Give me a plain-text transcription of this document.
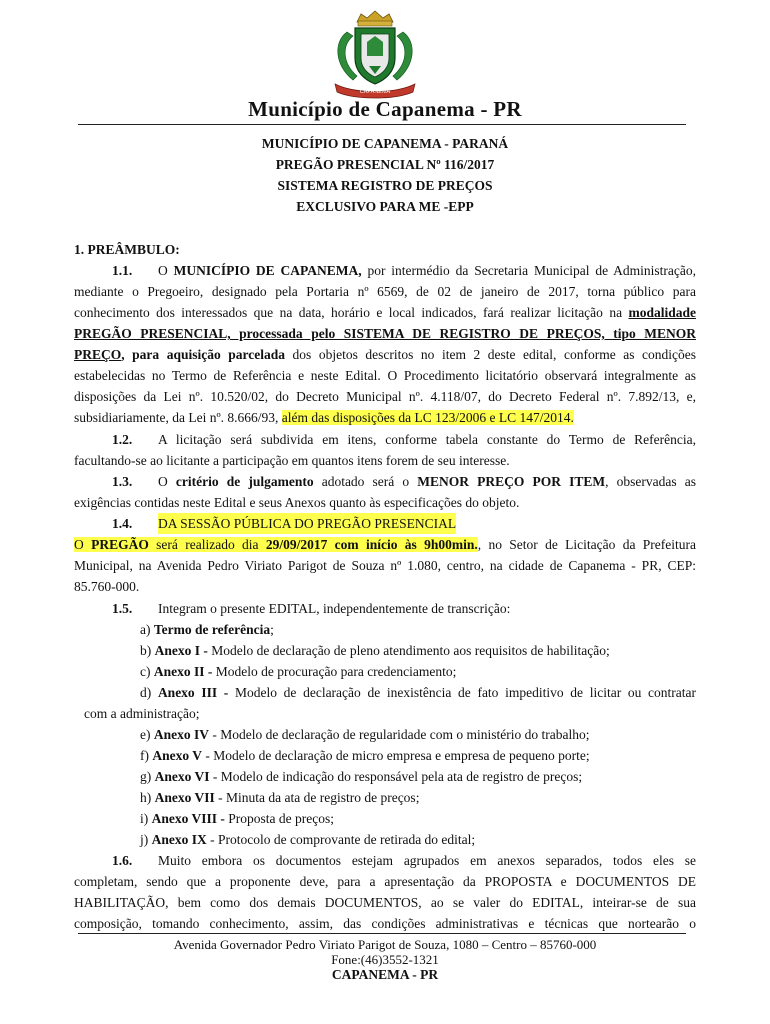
CAPANEMA
Município de Capanema - PR
MUNICÍPIO DE CAPANEMA - PARANÁ
PREGÃO PRESENCIAL Nº 116/2017
SISTEMA REGISTRO DE PREÇOS
EXCLUSIVO PARA ME -EPP
1. PREÂMBULO:
1.1. O MUNICÍPIO DE CAPANEMA, por intermédio da Secretaria Municipal de Administração,
mediante o Pregoeiro, designado pela Portaria nº 6569, de 02 de janeiro de 2017, torna público para
conhecimento dos interessados que na data, horário e local indicados, fará realizar licitação na modalidade
PREGÃO PRESENCIAL, processada pelo SISTEMA DE REGISTRO DE PREÇOS, tipo MENOR
PREÇO, para aquisição parcelada dos objetos descritos no item 2 deste edital, conforme as condições
estabelecidas no Termo de Referência e neste Edital. O Procedimento licitatório observará integralmente as
disposições da Lei nº. 10.520/02, do Decreto Municipal nº. 4.118/07, do Decreto Federal nº. 7.892/13, e,
subsidiariamente, da Lei nº. 8.666/93, além das disposições da LC 123/2006 e LC 147/2014.
1.2. A licitação será subdivida em itens, conforme tabela constante do Termo de Referência,
facultando-se ao licitante a participação em quantos itens forem de seu interesse.
1.3. O critério de julgamento adotado será o MENOR PREÇO POR ITEM, observadas as
exigências contidas neste Edital e seus Anexos quanto às especificações do objeto.
1.4. DA SESSÃO PÚBLICA DO PREGÃO PRESENCIAL
O PREGÃO será realizado dia 29/09/2017 com início às 9h00min., no Setor de Licitação da Prefeitura
Municipal, na Avenida Pedro Viriato Parigot de Souza nº 1.080, centro, na cidade de Capanema - PR, CEP:
85.760-000.
1.5. Integram o presente EDITAL, independentemente de transcrição:
a) Termo de referência;
b) Anexo I - Modelo de declaração de pleno atendimento aos requisitos de habilitação;
c) Anexo II - Modelo de procuração para credenciamento;
d) Anexo III - Modelo de declaração de inexistência de fato impeditivo de licitar ou contratar
com a administração;
e) Anexo IV - Modelo de declaração de regularidade com o ministério do trabalho;
f) Anexo V - Modelo de declaração de micro empresa e empresa de pequeno porte;
g) Anexo VI - Modelo de indicação do responsável pela ata de registro de preços;
h) Anexo VII - Minuta da ata de registro de preços;
i) Anexo VIII - Proposta de preços;
j) Anexo IX - Protocolo de comprovante de retirada do edital;
1.6. Muito embora os documentos estejam agrupados em anexos separados, todos eles se
completam, sendo que a proponente deve, para a apresentação da PROPOSTA e DOCUMENTOS DE
HABILITAÇÃO, bem como dos demais DOCUMENTOS, ao se valer do EDITAL, inteirar-se de sua
composição, tomando conhecimento, assim, das condições administrativas e técnicas que nortearão o
Avenida Governador Pedro Viriato Parigot de Souza, 1080 – Centro – 85760-000
Fone:(46)3552-1321
CAPANEMA - PR
